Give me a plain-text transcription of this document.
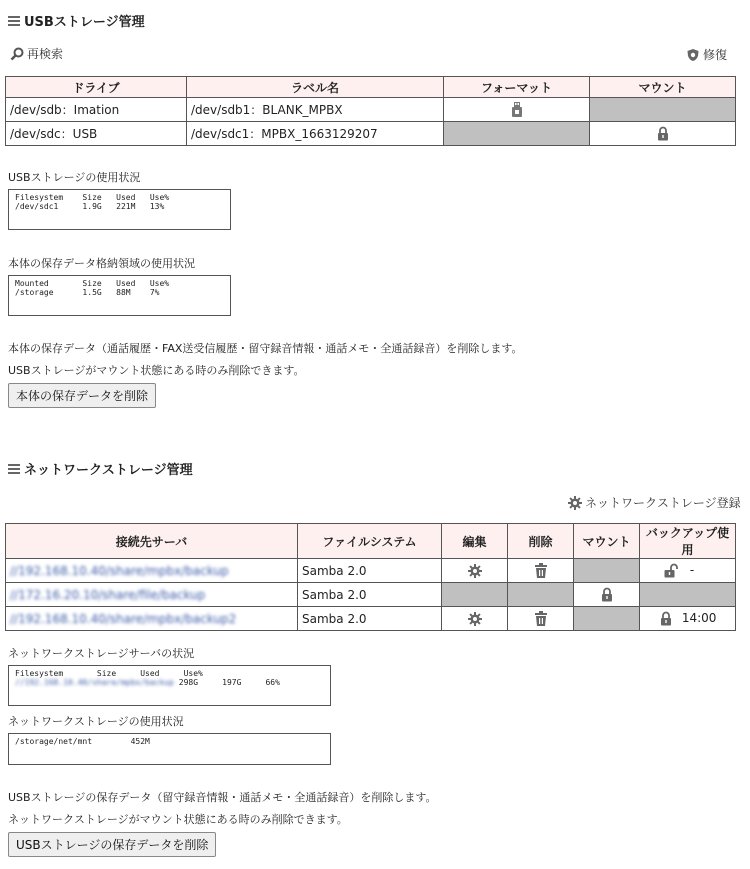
USBストレージ管理
再検索	修復
ドライブ	ラベル名	フォーマット	マウント
/dev/sdb：Imation	/dev/sdb1：BLANK_MPBX		
/dev/sdc：USB	/dev/sdc1：MPBX_1663129207		
USBストレージの使用状況
Filesystem    Size   Used   Use%
/dev/sdc1     1.9G   221M   13%
本体の保存データ格納領域の使用状況
Mounted       Size   Used   Use%
/storage      1.5G   88M    7%
本体の保存データ（通話履歴・FAX送受信履歴・留守録音情報・通話メモ・全通話録音）を削除します。
USBストレージがマウント状態にある時のみ削除できます。
本体の保存データを削除
ネットワークストレージ管理
ネットワークストレージ登録
接続先サーバ	ファイルシステム	編集	削除	マウント	バックアップ使用
//192.168.10.40/share/mpbx/backup	Samba 2.0				-
//172.16.20.10/share/file/backup	Samba 2.0				
//192.168.10.40/share/mpbx/backup2	Samba 2.0				14:00
ネットワークストレージサーバの状況
Filesystem       Size     Used     Use%
//192.168.10.40/share/mpbx/backup 298G     197G     66%
ネットワークストレージの使用状況
/storage/net/mnt        452M
USBストレージの保存データ（留守録音情報・通話メモ・全通話録音）を削除します。
ネットワークストレージがマウント状態にある時のみ削除できます。
USBストレージの保存データを削除
